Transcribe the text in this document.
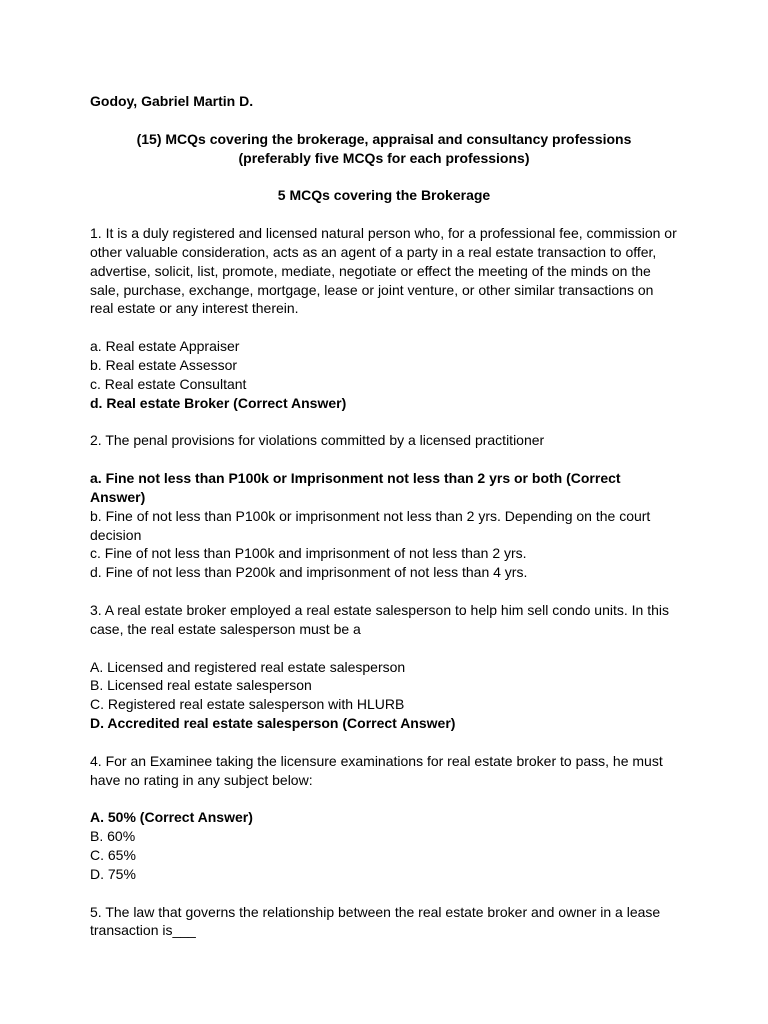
Godoy, Gabriel Martin D.

(15) MCQs covering the brokerage, appraisal and consultancy professions (preferably five MCQs for each professions)

5 MCQs covering the Brokerage

1. It is a duly registered and licensed natural person who, for a professional fee, commission or other valuable consideration, acts as an agent of a party in a real estate transaction to offer, advertise, solicit, list, promote, mediate, negotiate or effect the meeting of the minds on the sale, purchase, exchange, mortgage, lease or joint venture, or other similar transactions on real estate or any interest therein.

a. Real estate Appraiser
b. Real estate Assessor
c. Real estate Consultant
d. Real estate Broker (Correct Answer)

2. The penal provisions for violations committed by a licensed practitioner

a. Fine not less than P100k or Imprisonment not less than 2 yrs or both (Correct Answer)
b. Fine of not less than P100k or imprisonment not less than 2 yrs. Depending on the court decision
c. Fine of not less than P100k and imprisonment of not less than 2 yrs.
d. Fine of not less than P200k and imprisonment of not less than 4 yrs.

3. A real estate broker employed a real estate salesperson to help him sell condo units. In this case, the real estate salesperson must be a

A. Licensed and registered real estate salesperson
B. Licensed real estate salesperson
C. Registered real estate salesperson with HLURB
D. Accredited real estate salesperson (Correct Answer)

4. For an Examinee taking the licensure examinations for real estate broker to pass, he must have no rating in any subject below:

A. 50% (Correct Answer)
B. 60%
C. 65%
D. 75%

5. The law that governs the relationship between the real estate broker and owner in a lease transaction is___
